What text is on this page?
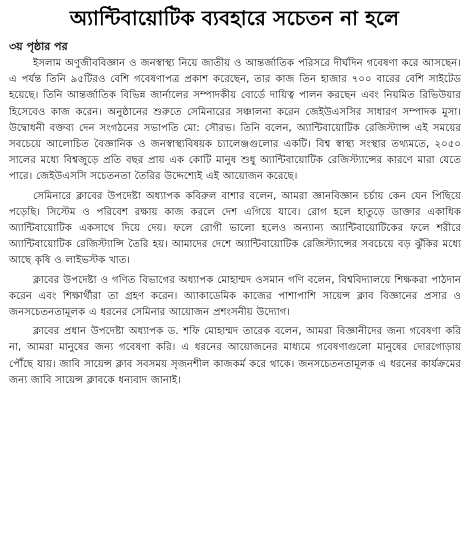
অ্যান্টিবায়োটিক ব্যবহারে সচেতন না হলে
৩য় পৃষ্ঠার পর

ইসলাম অণুজীববিজ্ঞান ও জনস্বাস্থ্য নিয়ে জাতীয় ও আন্তর্জাতিক পরিসরে দীর্ঘদিন গবেষণা করে আসছেন। এ পর্যন্ত তিনি ৯৫টিরও বেশি গবেষণাপত্র প্রকাশ করেছেন, তার কাজ তিন হাজার ৭০০ বারের বেশি সাইটেড হয়েছে। তিনি আন্তর্জাতিক বিভিন্ন জার্নালের সম্পাদকীয় বোর্ডে দায়িত্ব পালন করছেন এবং নিয়মিত রিভিউয়ার হিসেবেও কাজ করেন। অনুষ্ঠানের শুরুতে সেমিনারের সঞ্চালনা করেন জেইউএসসির সাধারণ সম্পাদক মুসা। উদ্বোধনী বক্তব্য দেন সংগঠনের সভাপতি মো: সৌরভ। তিনি বলেন, অ্যান্টিবায়োটিক রেজিস্ট্যান্স এই সময়ের সবচেয়ে আলোচিত বৈজ্ঞানিক ও জনস্বাস্থ্যবিষয়ক চ্যালেঞ্জগুলোর একটি। বিশ্ব স্বাস্থ্য সংস্থার তথ্যমতে, ২০৫০ সালের মধ্যে বিশ্বজুড়ে প্রতি বছর প্রায় এক কোটি মানুষ শুধু অ্যান্টিবায়োটিক রেজিস্ট্যান্সের কারণে মারা যেতে পারে। জেইউএসসি সচেতনতা তৈরির উদ্দেশ্যেই এই আয়োজন করেছে।

সেমিনারে ক্লাবের উপদেষ্টা অধ্যাপক কবিরুল বাশার বলেন, আমরা জ্ঞানবিজ্ঞান চর্চায় কেন যেন পিছিয়ে পড়েছি। সিস্টেম ও পরিবেশ রক্ষায় কাজ করলে দেশ এগিয়ে যাবে। রোগ হলে হাতুড়ে ডাক্তার একাধিক অ্যান্টিবায়োটিক একসাথে দিয়ে দেয়। ফলে রোগী ভালো হলেও অন্যান্য অ্যান্টিবায়োটিকের ফলে শরীরে অ্যান্টিবায়োটিক রেজিস্ট্যান্সি তৈরি হয়। আমাদের দেশে অ্যান্টিবায়োটিক রেজিস্ট্যান্সের সবচেয়ে বড় ঝুঁকির মধ্যে আছে কৃষি ও লাইভস্টক খাত।

ক্লাবের উপদেষ্টা ও গণিত বিভাগের অধ্যাপক মোহাম্মদ ওসমান গণি বলেন, বিশ্ববিদ্যালয়ে শিক্ষকরা পাঠদান করেন এবং শিক্ষার্থীরা তা গ্রহণ করেন। অ্যাকাডেমিক কাজের পাশাপাশি সায়েন্স ক্লাব বিজ্ঞানের প্রসার ও জনসচেতনতামূলক এ ধরনের সেমিনার আয়োজন প্রশংসনীয় উদ্যোগ।

ক্লাবের প্রধান উপদেষ্টা অধ্যাপক ড. শফি মোহাম্মদ তারেক বলেন, আমরা বিজ্ঞানীদের জন্য গবেষণা করি না, আমরা মানুষের জন্য গবেষণা করি। এ ধরনের আয়োজনের মাধ্যমে গবেষণাগুলো মানুষের দোরগোড়ায় পৌঁছে যায়। জাবি সায়েন্স ক্লাব সবসময় সৃজনশীল কাজকর্ম করে থাকে। জনসচেতনতামূলক এ ধরনের কার্যক্রমের জন্য জাবি সায়েন্স ক্লাবকে ধন্যবাদ জানাই।
